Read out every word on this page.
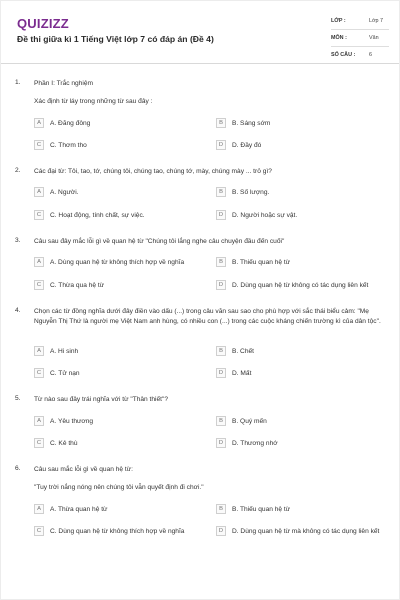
QUIZIZZ
Đề thi giữa kì 1 Tiếng Việt lớp 7 có đáp án (Đề 4)
LỚP :	Lớp 7
MÔN :	Văn
SỐ CÂU :	6
1. Phần I: Trắc nghiệm
Xác định từ láy trong những từ sau đây :
A	A. Đăng đông	B	B. Sáng sớm
C	C. Thơm tho	D	D. Đầy đó
2. Các đại từ: Tôi, tao, tớ, chúng tôi, chúng tao, chúng tớ, mày, chúng mày ... trỏ gì?
A	A. Người.	B	B. Số lượng.
C	C. Hoạt động, tính chất, sự việc.	D	D. Người hoặc sự vật.
3. Câu sau đây mắc lỗi gì về quan hệ từ "Chúng tôi lắng nghe câu chuyện đầu đến cuối"
A	A. Dùng quan hệ từ không thích hợp về nghĩa	B	B. Thiếu quan hệ từ
C	C. Thừa qua hệ từ	D	D. Dùng quan hệ từ không có tác dụng liên kết
4. Chọn các từ đồng nghĩa dưới đây điền vào dấu (...) trong câu văn sau sao cho phù hợp với sắc thái biểu cảm: "Mẹ Nguyễn Thị Thứ là người mẹ Việt Nam anh hùng, có nhiều con (...) trong các cuộc kháng chiến trường kì của dân tộc".
A	A. Hi sinh	B	B. Chết
C	C. Tử nạn	D	D. Mất
5. Từ nào sau đây trái nghĩa với từ "Thân thiết"?
A	A. Yêu thương	B	B. Quý mến
C	C. Kẻ thù	D	D. Thương nhớ
6. Câu sau mắc lỗi gì về quan hệ từ:
"Tuy trời nắng nóng nên chúng tôi vẫn quyết định đi chơi."
A	A. Thừa quan hệ từ	B	B. Thiếu quan hệ từ
C	C. Dùng quan hệ từ không thích hợp về nghĩa	D	D. Dùng quan hệ từ mà không có tác dụng liên kết
